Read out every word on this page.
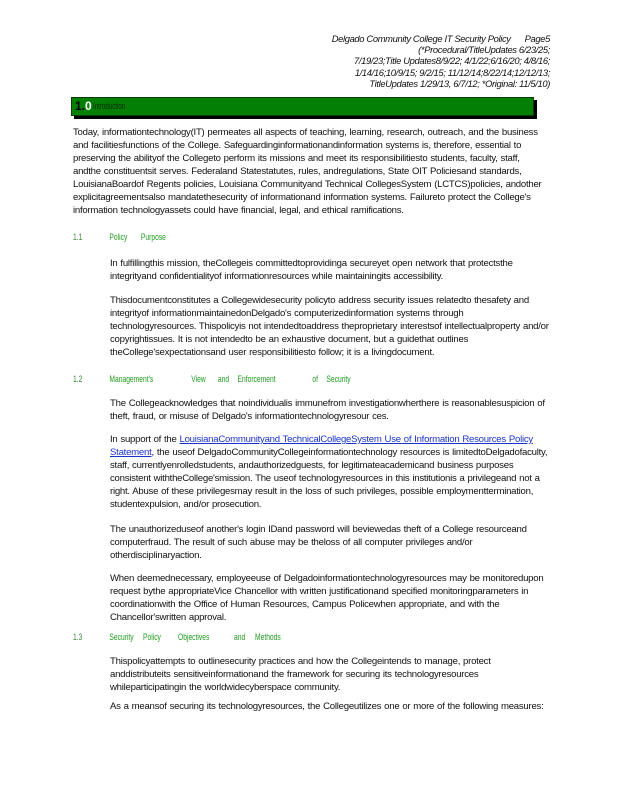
Delgado Community College IT Security Policy Page5
(*Procedural/TitleUpdates 6/23/25;
7/19/23;Title Updates8/9/22; 4/1/22;6/16/20; 4/8/16;
1/14/16;10/9/15; 9/2/15; 11/12/14;8/22/14;12/12/13;
TitleUpdates 1/29/13, 6/7/12; *Original: 11/5/10)
1.0 Introduction
Today, informationtechnology(IT) permeates all aspects of teaching, learning, research, outreach, and the business and facilitiesfunctions of the College. Safeguardinginformationandinformation systems is, therefore, essential to preserving the abilityof the Collegeto perform its missions and meet its responsibilitiesto students, faculty, staff, andthe constituentsit serves. Federaland Statestatutes, rules, andregulations, State OIT Policiesand standards, LouisianaBoardof Regents policies, Louisiana Communityand Technical CollegesSystem (LCTCS)policies, andother explicitagreementsalso mandatethesecurity of informationand information systems. Failureto protect the College's information technologyassets could have financial, legal, and ethical ramifications.
1.1	Policy Purpose
In fulfillingthis mission, theCollegeis committedtoprovidinga secureyet open network that protectsthe integrityand confidentialityof informationresources while maintainingits accessibility.
Thisdocumentconstitutes a Collegewidesecurity policyto address security issues relatedto thesafety and integrityof informationmaintainedonDelgado's computerizedinformation systems through technologyresources. Thispolicyis not intendedtoaddress theproprietary interestsof intellectualproperty and/or copyrightissues. It is not intendedto be an exhaustive document, but a guidethat outlines theCollege'sexpectationsand user responsibilitiesto follow; it is a livingdocument.
1.2	Management's	View and Enforcement	of Security
The Collegeacknowledges that noindividualis immunefrom investigationwherthere is reasonablesuspicion of theft, fraud, or misuse of Delgado's informationtechnologyresour ces.
In support of the LouisianaCommunityand TechnicalCollegeSystem Use of Information Resources Policy Statement, the useof DelgadoCommunityCollegeinformationtechnology resources is limitedtoDelgadofaculty, staff, currentlyenrolledstudents, andauthorizedguests, for legitimateacademicand business purposes consistent withtheCollege'smission. The useof technologyresources in this institutionis a privilegeand not a right. Abuse of these privilegesmay result in the loss of such privileges, possible employmenttermination, studentexpulsion, and/or prosecution.
The unauthorizeduseof another's login IDand password will beviewedas theft of a College resourceand computerfraud. The result of such abuse may be theloss of all computer privileges and/or otherdisciplinaryaction.
When deemednecessary, employeeuse of Delgadoinformationtechnologyresources may be monitoredupon request bythe appropriateVice Chancellor with written justificationand specified monitoringparameters in coordinationwith the Office of Human Resources, Campus Policewhen appropriate, and with the Chancellor'swritten approval.
1.3	Security Policy Objectives	and Methods
Thispolicyattempts to outlinesecurity practices and how the Collegeintends to manage, protect anddistributeits sensitiveinformationand the framework for securing its technologyresources whileparticipatingin the worldwidecyberspace community.
As a meansof securing its technologyresources, the Collegeutilizes one or more of the following measures:
